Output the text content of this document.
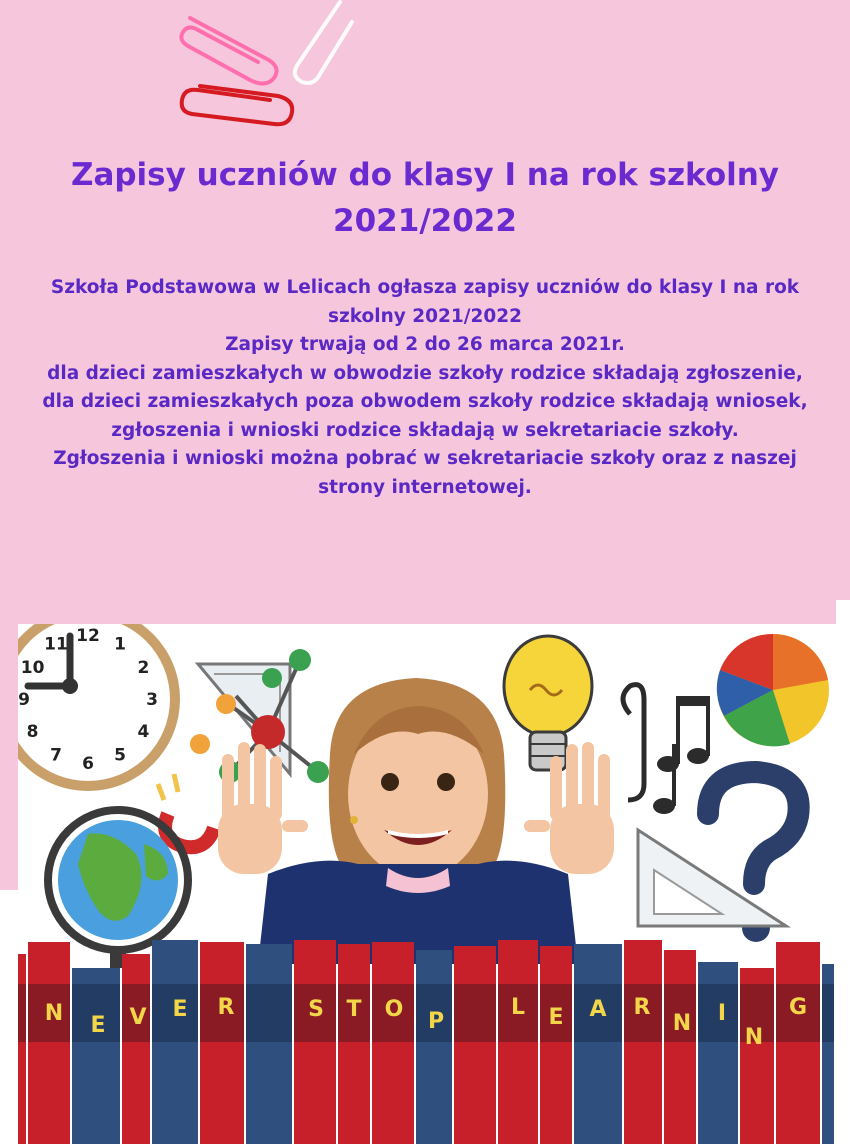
Zapisy uczniów do klasy I na rok szkolny
2021/2022
Szkoła Podstawowa w Lelicach ogłasza zapisy uczniów do klasy I na rok
szkolny 2021/2022
Zapisy trwają od 2 do 26 marca 2021r.
dla dzieci zamieszkałych w obwodzie szkoły rodzice składają zgłoszenie,
dla dzieci zamieszkałych poza obwodem szkoły rodzice składają wniosek,
zgłoszenia i wnioski rodzice składają w sekretariacie szkoły.
Zgłoszenia i wnioski można pobrać w sekretariacie szkoły oraz z naszej
strony internetowej.
11 12 1
2
3
4
5
6
7
8
9
10
N E V E R	S T O P
L E A R
N I
N
G
